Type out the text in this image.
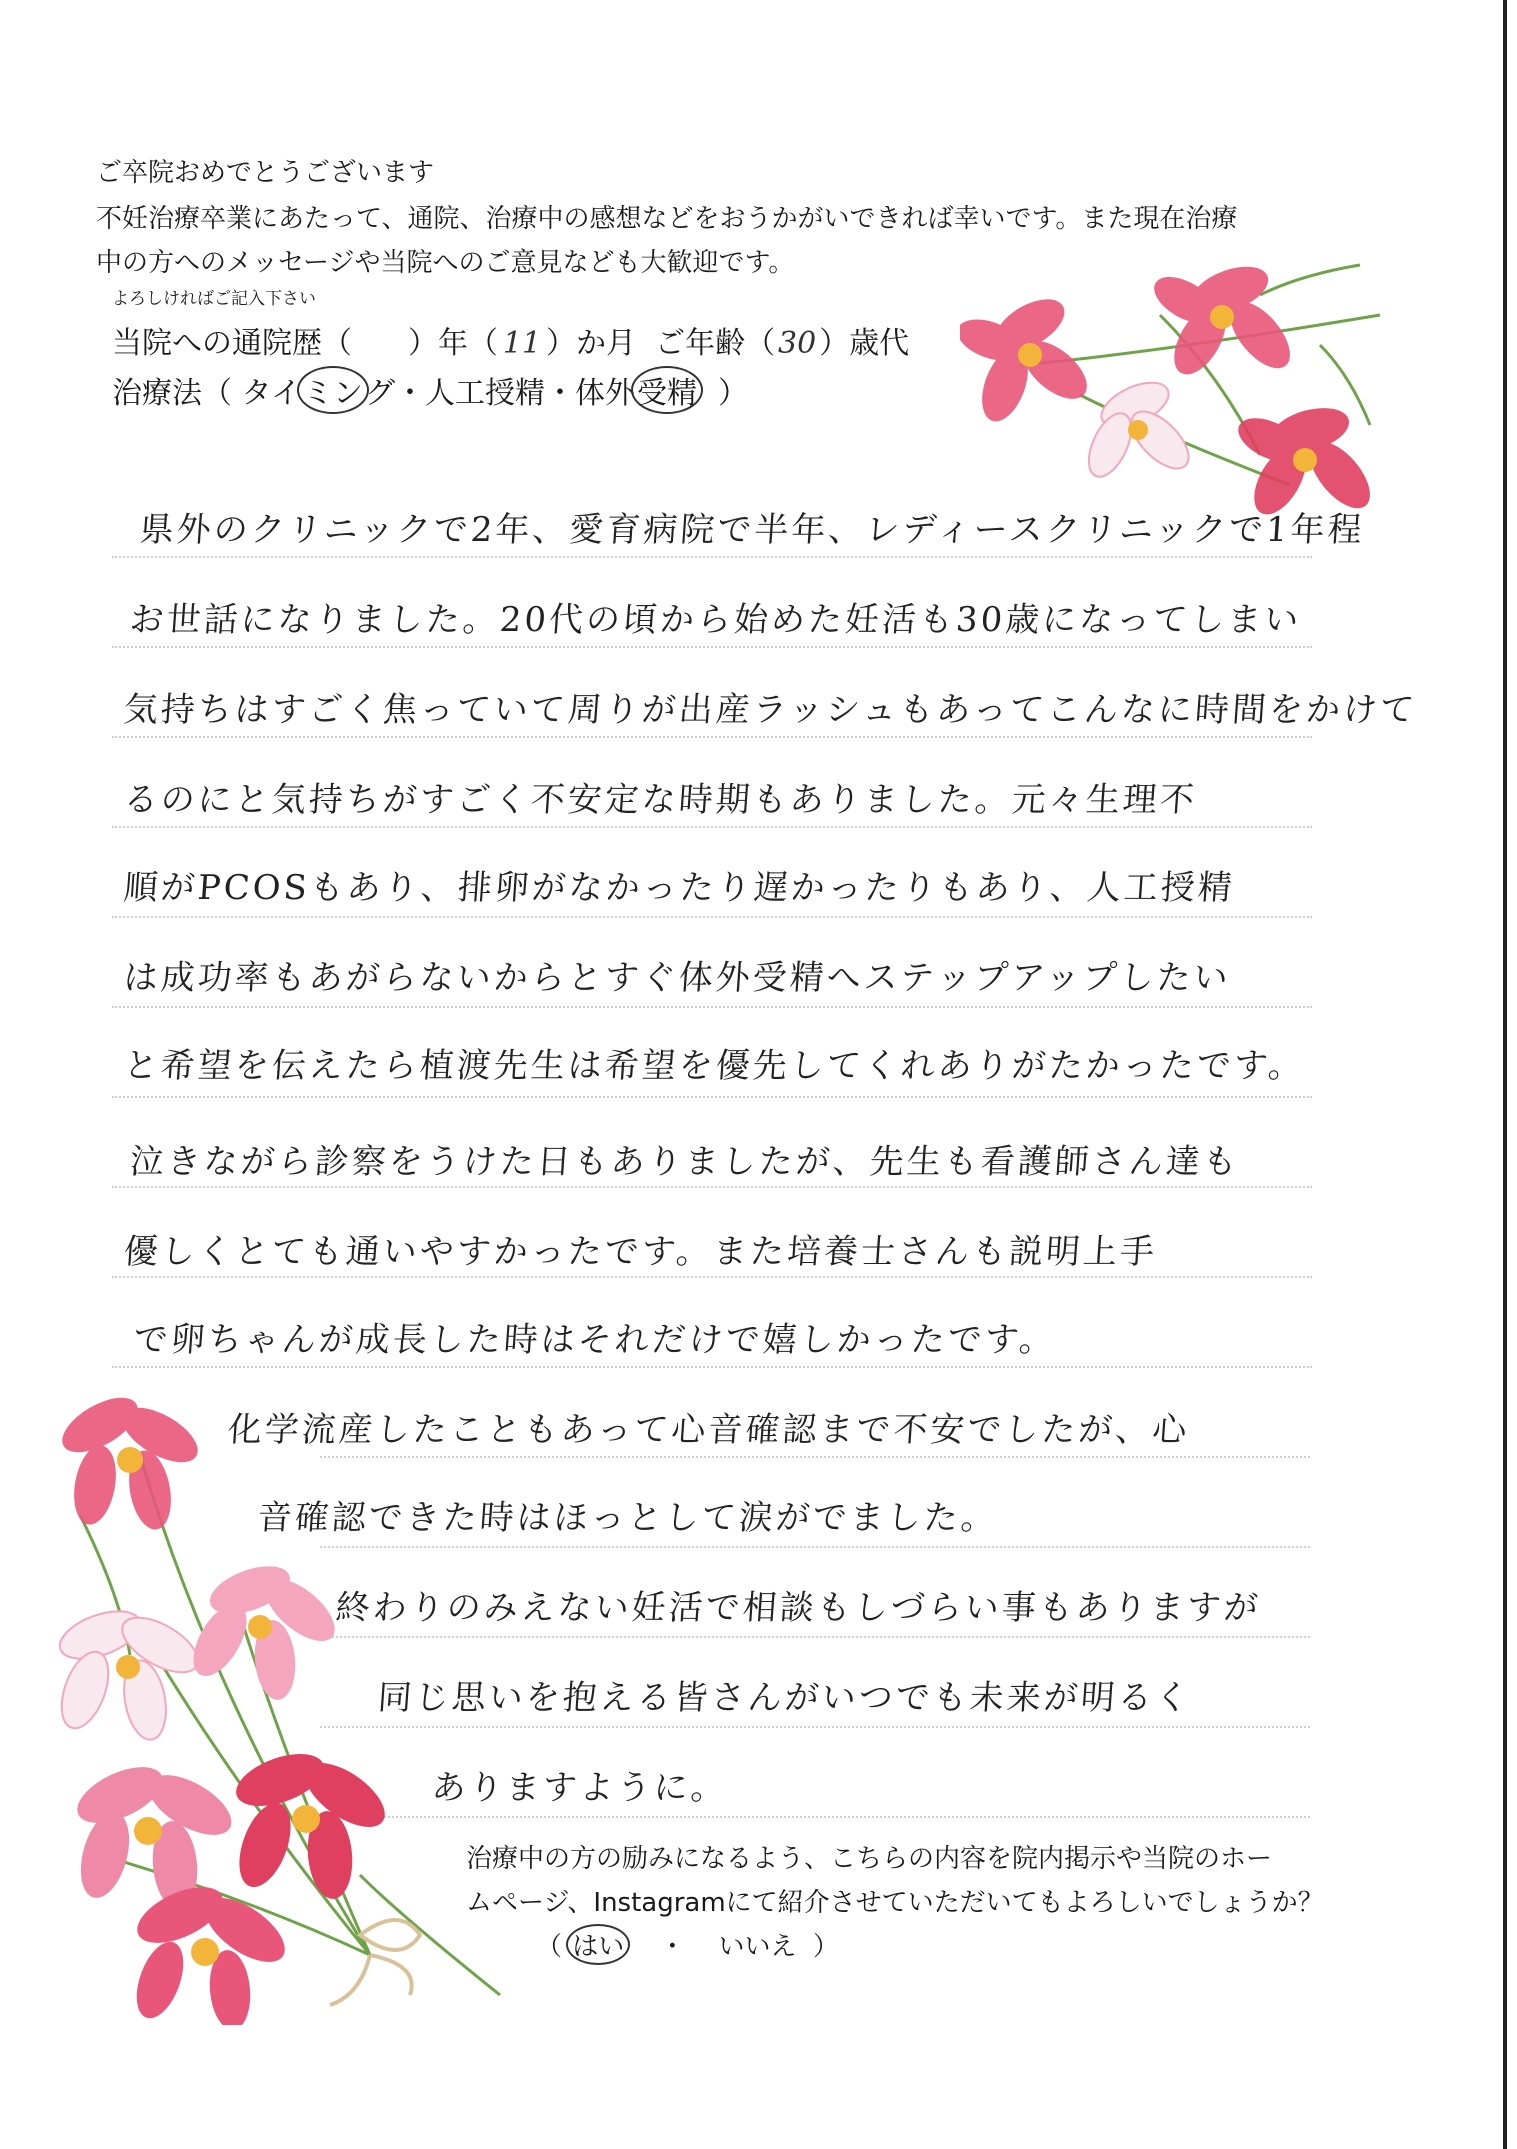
ご卒院おめでとうございます
不妊治療卒業にあたって、通院、治療中の感想などをおうかがいできれば幸いです。また現在治療
中の方へのメッセージや当院へのご意見なども大歓迎です。
よろしければご記入下さい
当院への通院歴（ ）年（ 11 ）か月 ご年齢（30）歳代
治療法（ タイミング・人工授精・体外受精  ）
県外のクリニックで2年、愛育病院で半年、レディースクリニックで1年程
お世話になりました。20代の頃から始めた妊活も30歳になってしまい
気持ちはすごく焦っていて周りが出産ラッシュもあってこんなに時間をかけて
るのにと気持ちがすごく不安定な時期もありました。元々生理不
順がPCOSもあり、排卵がなかったり遅かったりもあり、人工授精
は成功率もあがらないからとすぐ体外受精へステップアップしたい
と希望を伝えたら植渡先生は希望を優先してくれありがたかったです。
泣きながら診察をうけた日もありましたが、先生も看護師さん達も
優しくとても通いやすかったです。また培養士さんも説明上手
で卵ちゃんが成長した時はそれだけで嬉しかったです。
化学流産したこともあって心音確認まで不安でしたが、心
音確認できた時はほっとして涙がでました。
終わりのみえない妊活で相談もしづらい事もありますが
同じ思いを抱える皆さんがいつでも未来が明るく
ありますように。
治療中の方の励みになるよう、こちらの内容を院内掲示や当院のホー
ムページ、Instagramにて紹介させていただいてもよろしいでしょうか？
（ はい ・ いいえ ）
